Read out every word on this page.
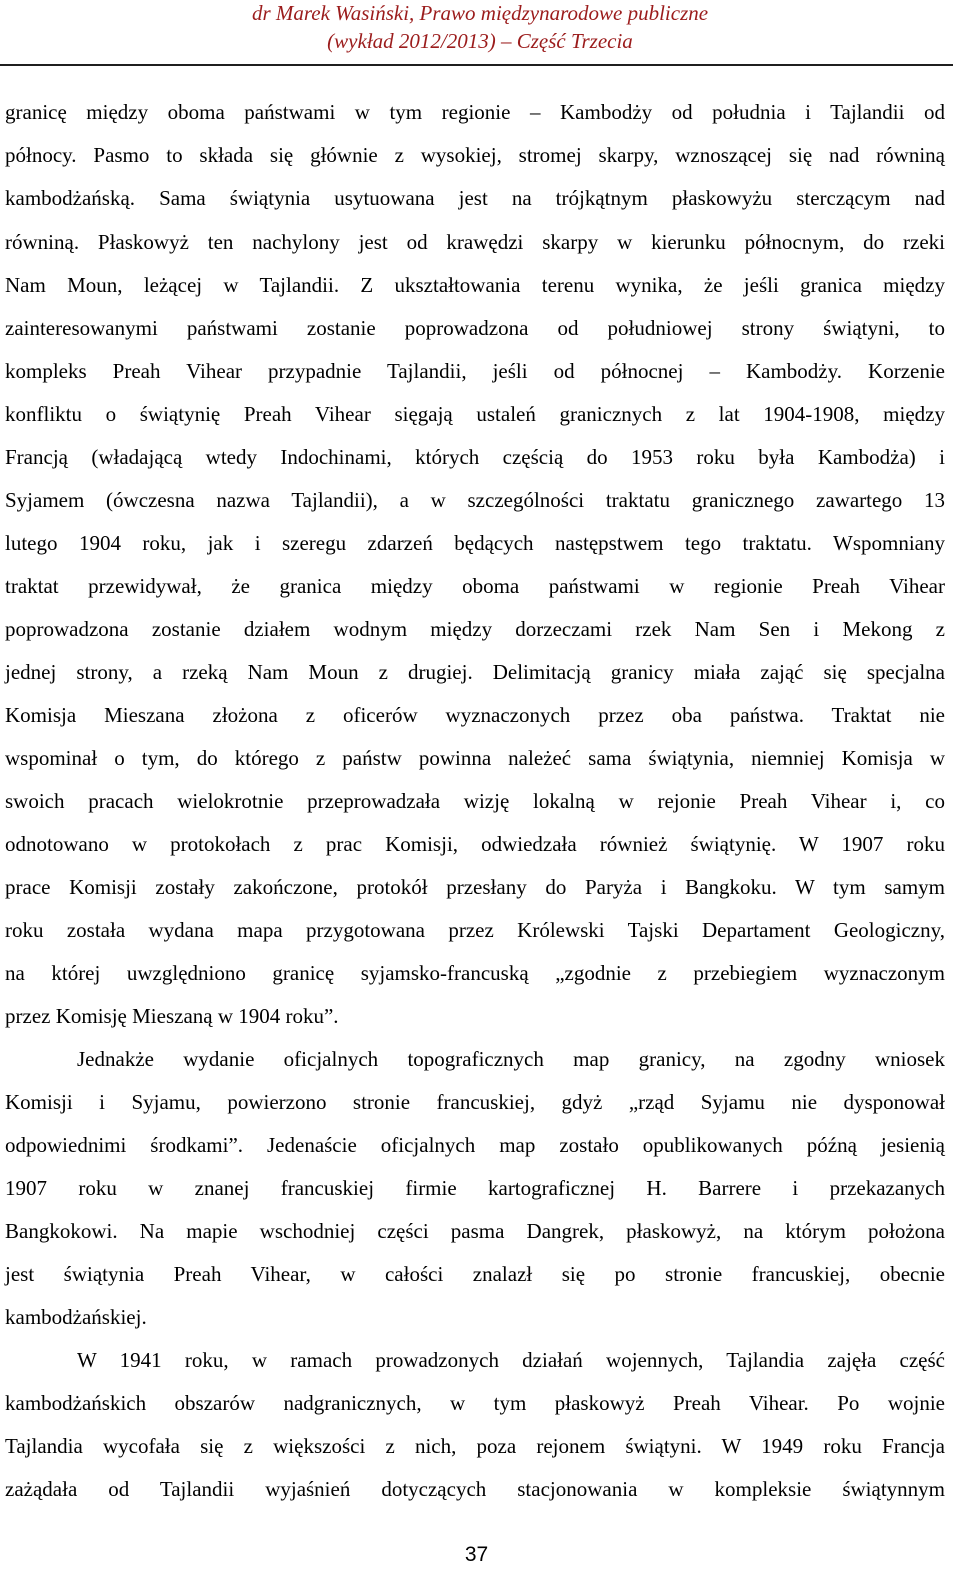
dr Marek Wasiński, Prawo międzynarodowe publiczne
(wykład 2012/2013) – Część Trzecia
granicę między oboma państwami w tym regionie – Kambodży od południa i Tajlandii od
północy. Pasmo to składa się głównie z wysokiej, stromej skarpy, wznoszącej się nad równiną
kambodżańską. Sama świątynia usytuowana jest na trójkątnym płaskowyżu sterczącym nad
równiną. Płaskowyż ten nachylony jest od krawędzi skarpy w kierunku północnym, do rzeki
Nam Moun, leżącej w Tajlandii. Z ukształtowania terenu wynika, że jeśli granica między
zainteresowanymi państwami zostanie poprowadzona od południowej strony świątyni, to
kompleks Preah Vihear przypadnie Tajlandii, jeśli od północnej – Kambodży. Korzenie
konfliktu o świątynię Preah Vihear sięgają ustaleń granicznych z lat 1904-1908, między
Francją (władającą wtedy Indochinami, których częścią do 1953 roku była Kambodża) i
Syjamem (ówczesna nazwa Tajlandii), a w szczególności traktatu granicznego zawartego 13
lutego 1904 roku, jak i szeregu zdarzeń będących następstwem tego traktatu. Wspomniany
traktat przewidywał, że granica między oboma państwami w regionie Preah Vihear
poprowadzona zostanie działem wodnym między dorzeczami rzek Nam Sen i Mekong z
jednej strony, a rzeką Nam Moun z drugiej. Delimitacją granicy miała zająć się specjalna
Komisja Mieszana złożona z oficerów wyznaczonych przez oba państwa. Traktat nie
wspominał o tym, do którego z państw powinna należeć sama świątynia, niemniej Komisja w
swoich pracach wielokrotnie przeprowadzała wizję lokalną w rejonie Preah Vihear i, co
odnotowano w protokołach z prac Komisji, odwiedzała również świątynię. W 1907 roku
prace Komisji zostały zakończone, protokół przesłany do Paryża i Bangkoku. W tym samym
roku została wydana mapa przygotowana przez Królewski Tajski Departament Geologiczny,
na której uwzględniono granicę syjamsko-francuską „zgodnie z przebiegiem wyznaczonym
przez Komisję Mieszaną w 1904 roku”.
Jednakże wydanie oficjalnych topograficznych map granicy, na zgodny wniosek
Komisji i Syjamu, powierzono stronie francuskiej, gdyż „rząd Syjamu nie dysponował
odpowiednimi środkami”. Jedenaście oficjalnych map zostało opublikowanych późną jesienią
1907 roku w znanej francuskiej firmie kartograficznej H. Barrere i przekazanych
Bangkokowi. Na mapie wschodniej części pasma Dangrek, płaskowyż, na którym położona
jest świątynia Preah Vihear, w całości znalazł się po stronie francuskiej, obecnie
kambodżańskiej.
W 1941 roku, w ramach prowadzonych działań wojennych, Tajlandia zajęła część
kambodżańskich obszarów nadgranicznych, w tym płaskowyż Preah Vihear. Po wojnie
Tajlandia wycofała się z większości z nich, poza rejonem świątyni. W 1949 roku Francja
zażądała od Tajlandii wyjaśnień dotyczących stacjonowania w kompleksie świątynnym
37
